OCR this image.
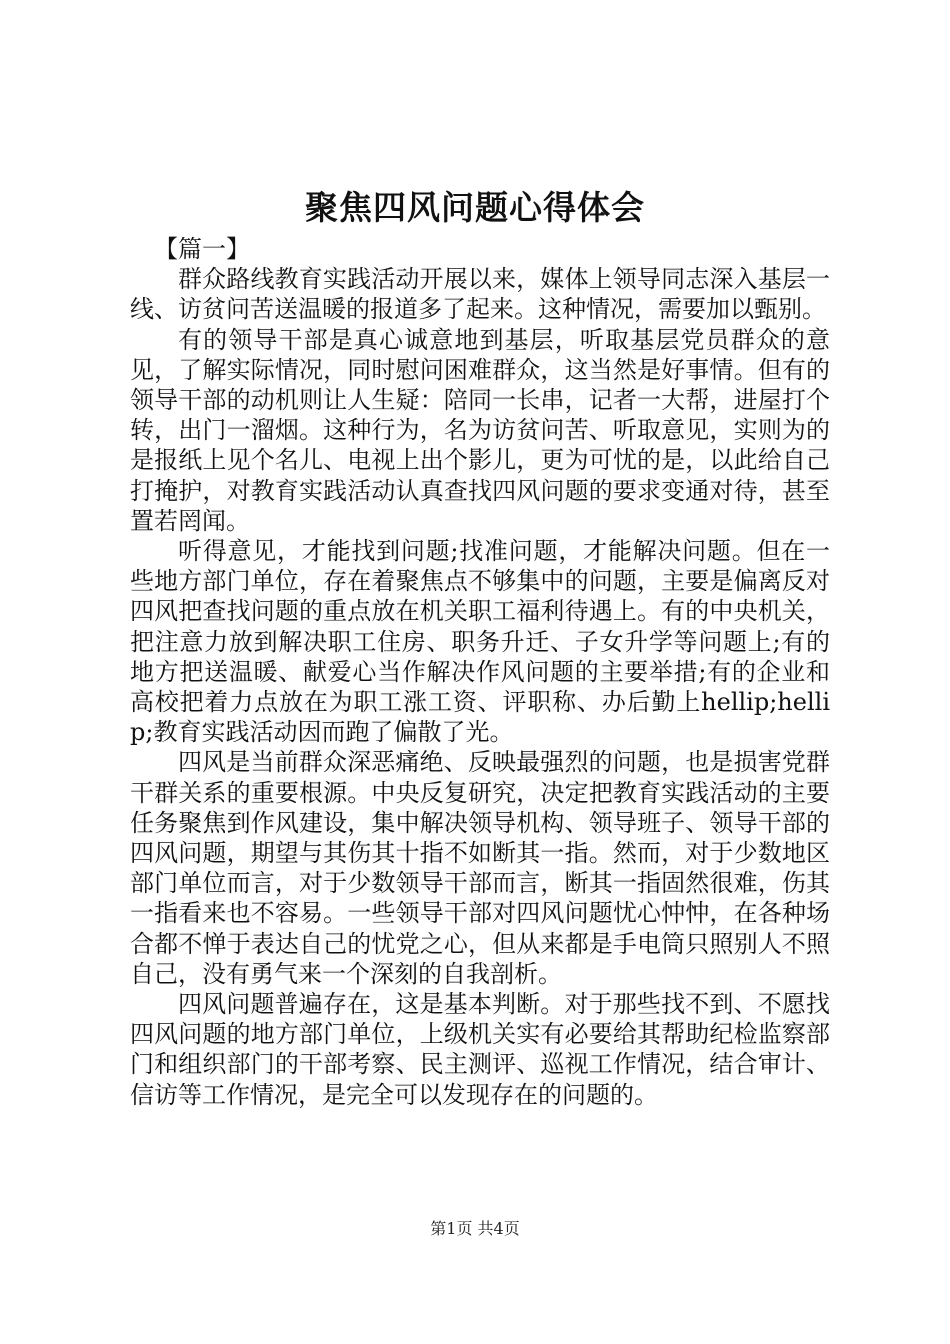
聚焦四风问题心得体会

【篇一】

群众路线教育实践活动开展以来，媒体上领导同志深入基层一线、访贫问苦送温暖的报道多了起来。这种情况，需要加以甄别。

有的领导干部是真心诚意地到基层，听取基层党员群众的意见，了解实际情况，同时慰问困难群众，这当然是好事情。但有的领导干部的动机则让人生疑：陪同一长串，记者一大帮，进屋打个转，出门一溜烟。这种行为，名为访贫问苦、听取意见，实则为的是报纸上见个名儿、电视上出个影儿，更为可忧的是，以此给自己打掩护，对教育实践活动认真查找四风问题的要求变通对待，甚至置若罔闻。

听得意见，才能找到问题;找准问题，才能解决问题。但在一些地方部门单位，存在着聚焦点不够集中的问题，主要是偏离反对四风把查找问题的重点放在机关职工福利待遇上。有的中央机关，把注意力放到解决职工住房、职务升迁、子女升学等问题上;有的地方把送温暖、献爱心当作解决作风问题的主要举措;有的企业和高校把着力点放在为职工涨工资、评职称、办后勤上hellip;hellip;教育实践活动因而跑了偏散了光。

四风是当前群众深恶痛绝、反映最强烈的问题，也是损害党群干群关系的重要根源。中央反复研究，决定把教育实践活动的主要任务聚焦到作风建设，集中解决领导机构、领导班子、领导干部的四风问题，期望与其伤其十指不如断其一指。然而，对于少数地区部门单位而言，对于少数领导干部而言，断其一指固然很难，伤其一指看来也不容易。一些领导干部对四风问题忧心忡忡，在各种场合都不惮于表达自己的忧党之心，但从来都是手电筒只照别人不照自己，没有勇气来一个深刻的自我剖析。

四风问题普遍存在，这是基本判断。对于那些找不到、不愿找四风问题的地方部门单位，上级机关实有必要给其帮助纪检监察部门和组织部门的干部考察、民主测评、巡视工作情况，结合审计、信访等工作情况，是完全可以发现存在的问题的。

第1页 共4页
